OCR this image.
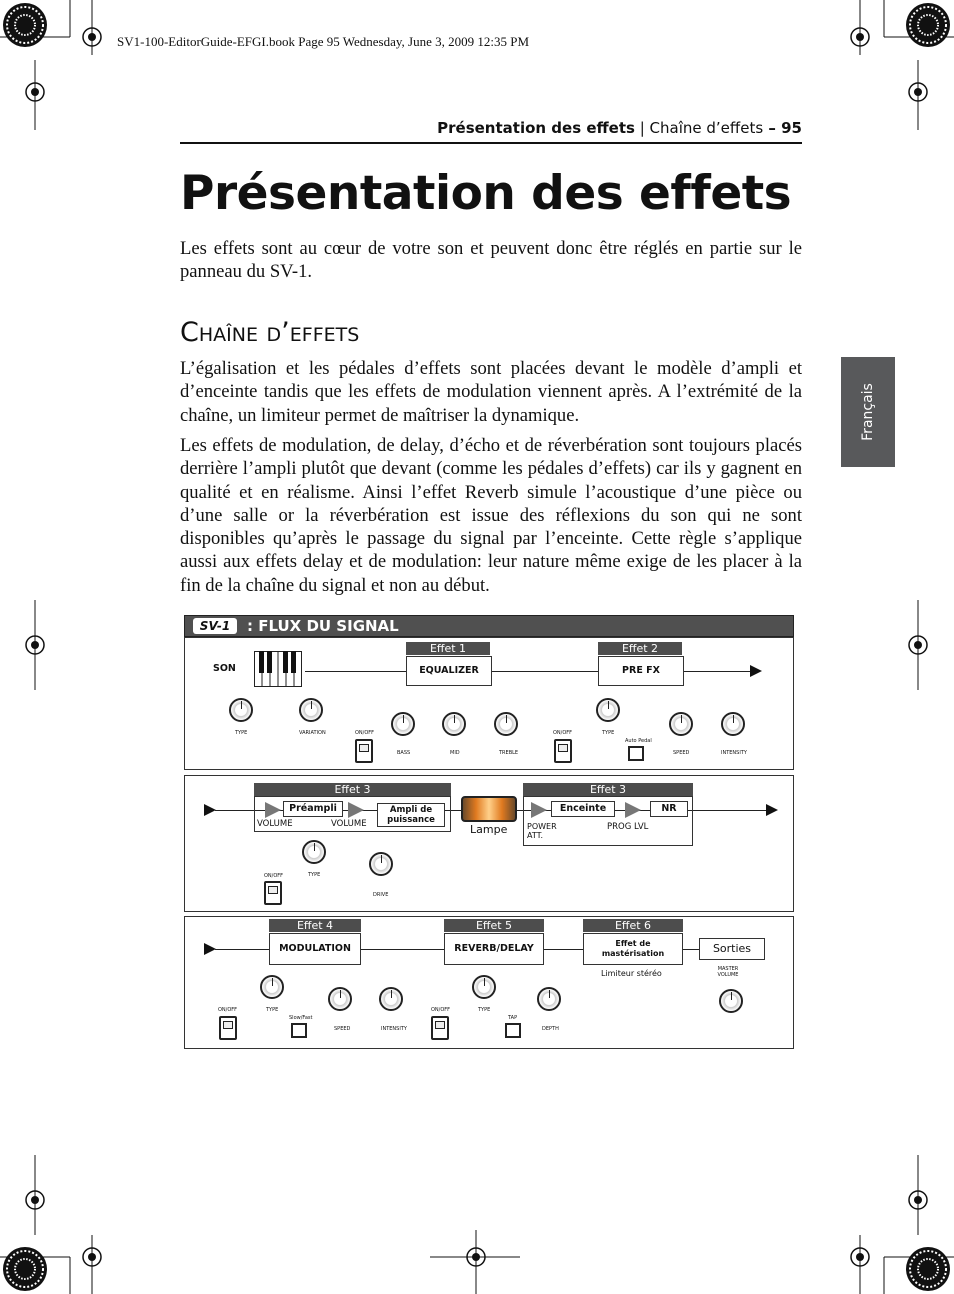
SV1-100-EditorGuide-EFGI.book Page 95 Wednesday, June 3, 2009 12:35 PM
Présentation des effets | Chaîne d’effets – 95
Présentation des effets
Les effets sont au cœur de votre son et peuvent donc être réglés en partie sur le panneau du SV-1.
Chaîne d’effets
L’égalisation et les pédales d’effets sont placées devant le modèle d’ampli et d’enceinte tandis que les effets de modulation viennent après. A l’extrémité de la chaîne, un limiteur permet de maîtriser la dynamique.
Les effets de modulation, de delay, d’écho et de réverbération sont toujours placés derrière l’ampli plutôt que devant (comme les pédales d’effets) car ils y gagnent en qualité et en réalisme. Ainsi l’effet Reverb simule l’acoustique d’une pièce ou d’une salle or la réverbération est issue des réflexions du son qui ne sont disponibles qu’après le passage du signal par l’enceinte. Cette règle s’applique aussi aux effets delay et de modulation: leur nature même exige de les placer à la fin de la chaîne du signal et non au début.
Français
SV-1	: FLUX DU SIGNAL
SON
Effet 1
EQUALIZER
Effet 2
PRE FX
TYPE	VARIATION	ON/OFF
BASS	MID	TREBLE
ON/OFF	TYPE
Auto Pedal
SPEED	INTENSITY
Effet 3
Préampli	Ampli de puissance
VOLUME	VOLUME	Lampe
Effet 3
Enceinte	NR
POWER ATT.
PROG LVL
TYPE
ON/OFF
DRIVE
Effet 4
MODULATION
Effet 5
REVERB/DELAY
Effet 6
Effet de mastérisation	Sorties
Limiteur stéréo	MASTER VOLUME
TYPE
ON/OFF
Slow/Fast
SPEED	INTENSITY
ON/OFF	TYPE
TAP
DEPTH
